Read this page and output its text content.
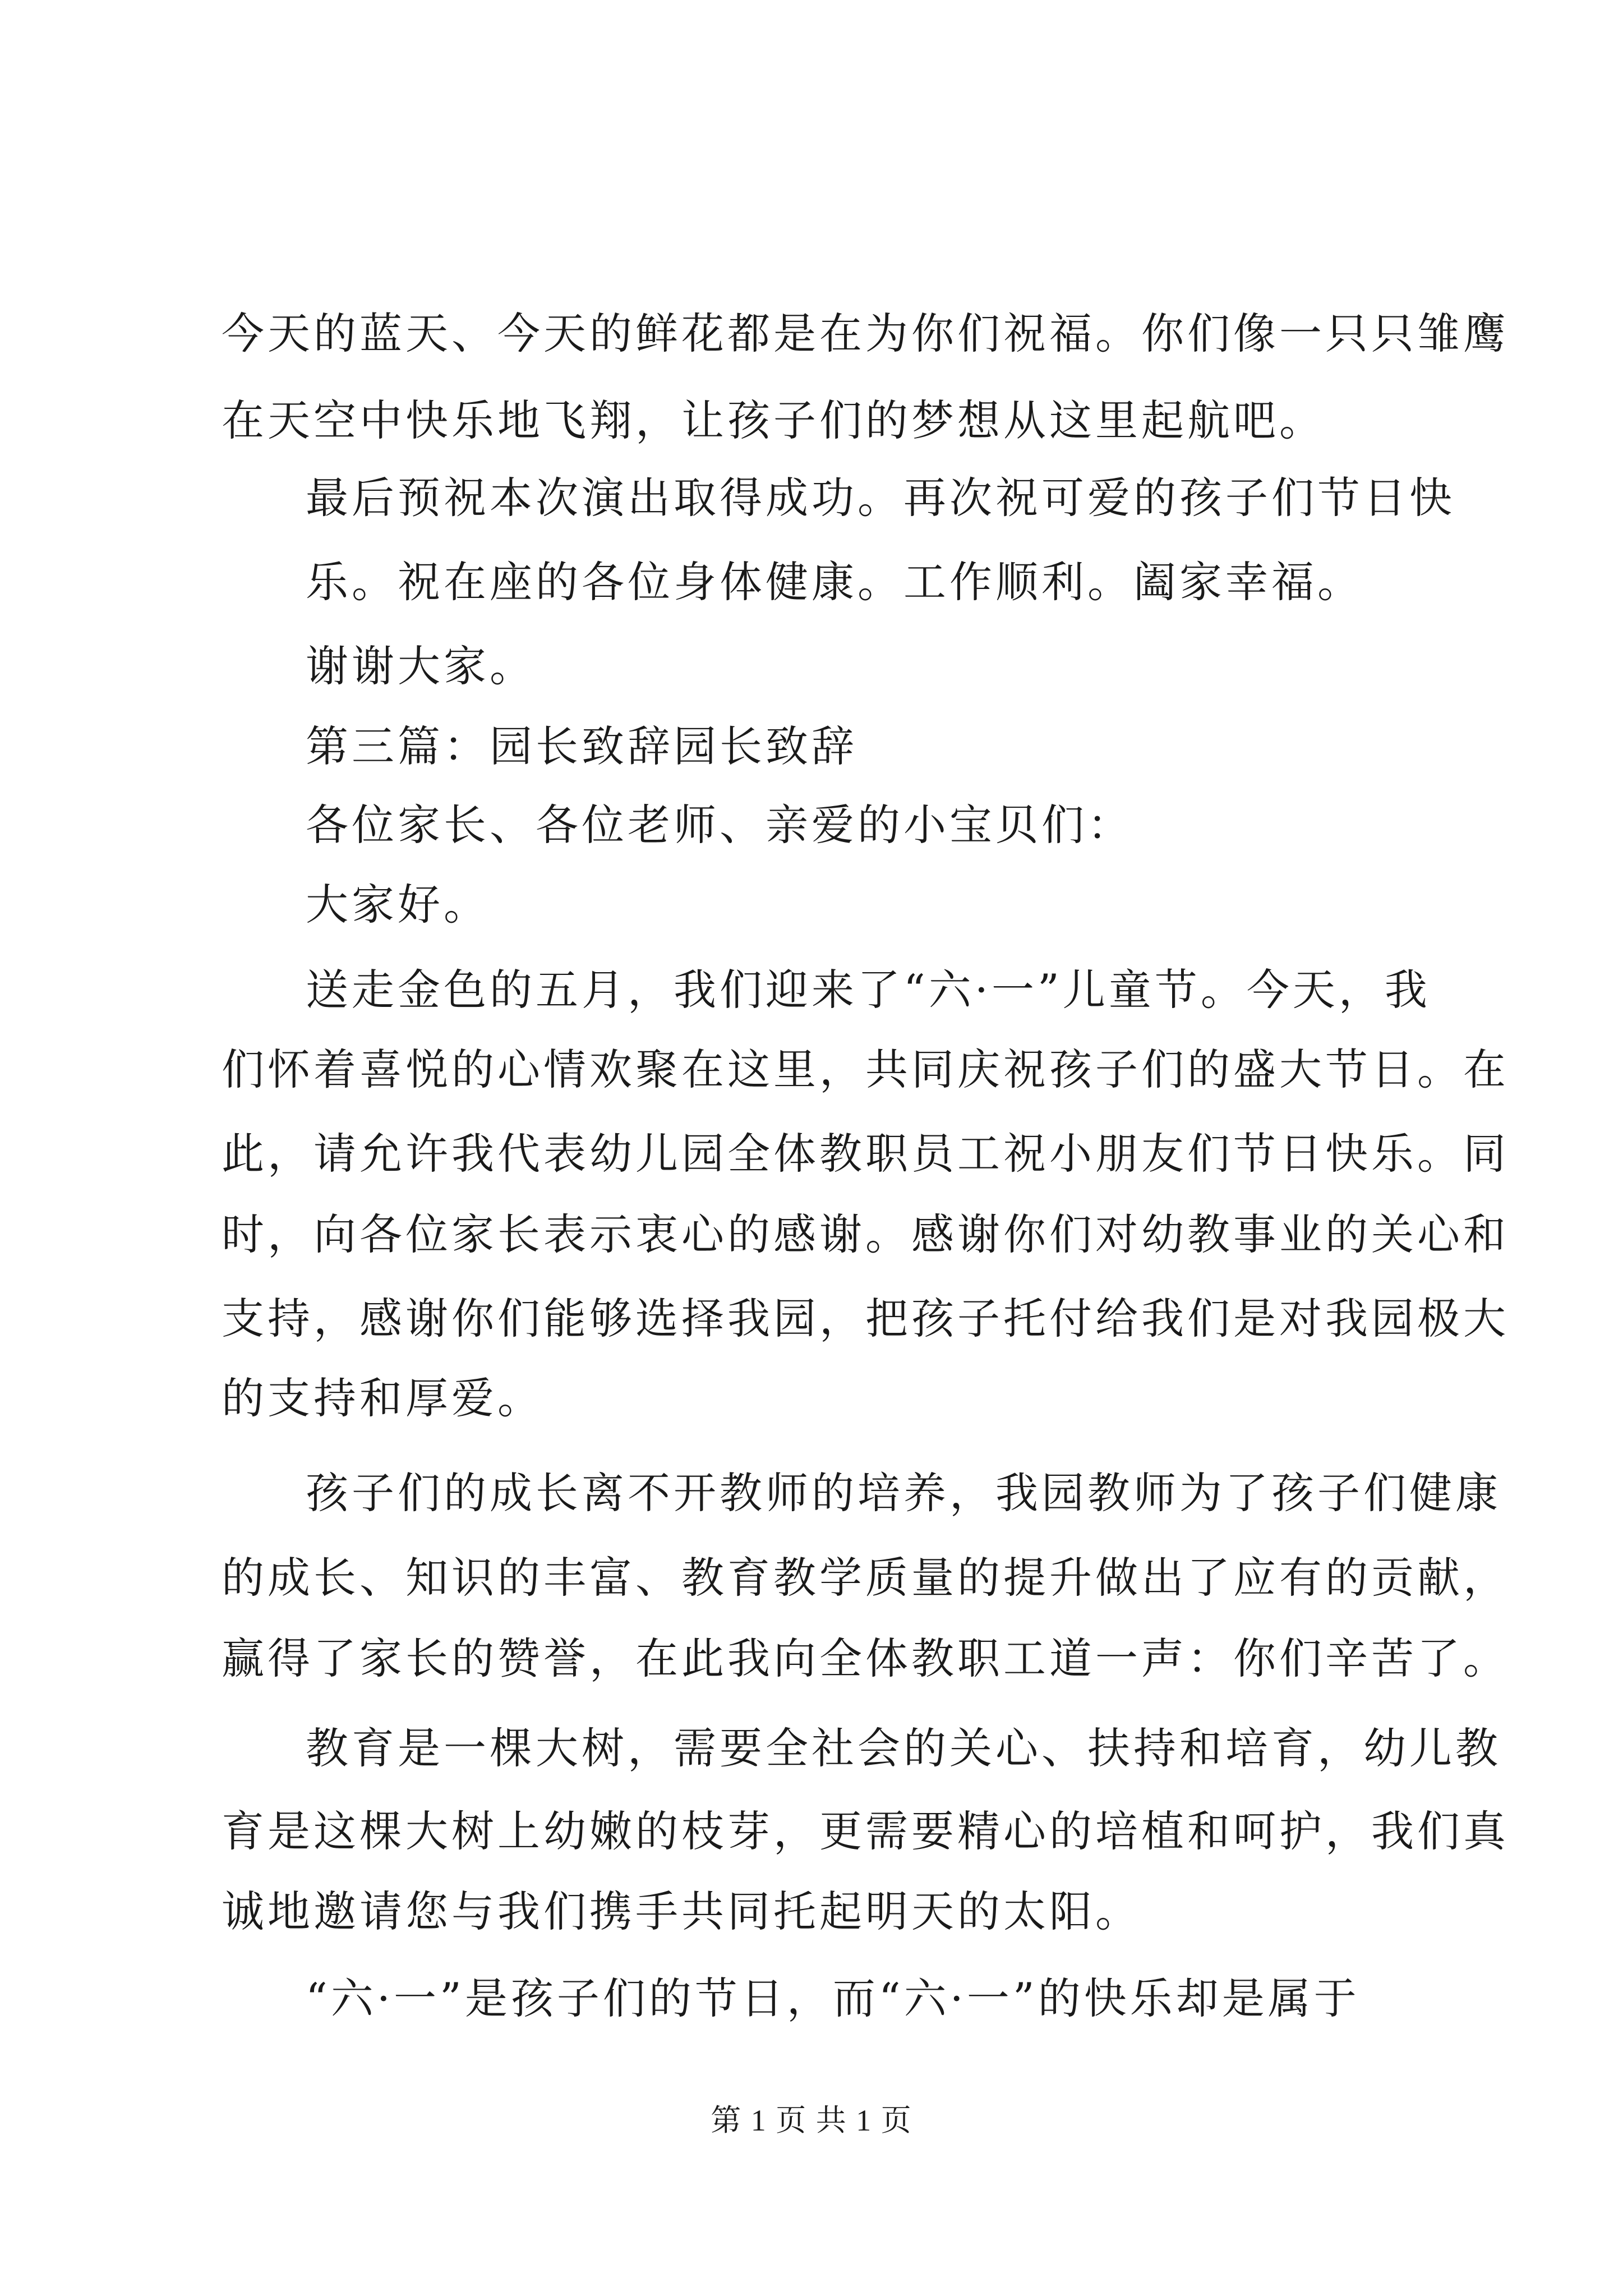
今天的蓝天、今天的鲜花都是在为你们祝福。你们像一只只雏鹰
在天空中快乐地飞翔，让孩子们的梦想从这里起航吧。
最后预祝本次演出取得成功。再次祝可爱的孩子们节日快
乐。祝在座的各位身体健康。工作顺利。阖家幸福。
谢谢大家。
第三篇：园长致辞园长致辞
各位家长、各位老师、亲爱的小宝贝们：
大家好。
送走金色的五月，我们迎来了“六·一”儿童节。今天，我
们怀着喜悦的心情欢聚在这里，共同庆祝孩子们的盛大节日。在
此，请允许我代表幼儿园全体教职员工祝小朋友们节日快乐。同
时，向各位家长表示衷心的感谢。感谢你们对幼教事业的关心和
支持，感谢你们能够选择我园，把孩子托付给我们是对我园极大
的支持和厚爱。
孩子们的成长离不开教师的培养，我园教师为了孩子们健康
的成长、知识的丰富、教育教学质量的提升做出了应有的贡献，
赢得了家长的赞誉，在此我向全体教职工道一声：你们辛苦了。
教育是一棵大树，需要全社会的关心、扶持和培育，幼儿教
育是这棵大树上幼嫩的枝芽，更需要精心的培植和呵护，我们真
诚地邀请您与我们携手共同托起明天的太阳。
“六·一”是孩子们的节日，而“六·一”的快乐却是属于
第 1 页 共 1 页
